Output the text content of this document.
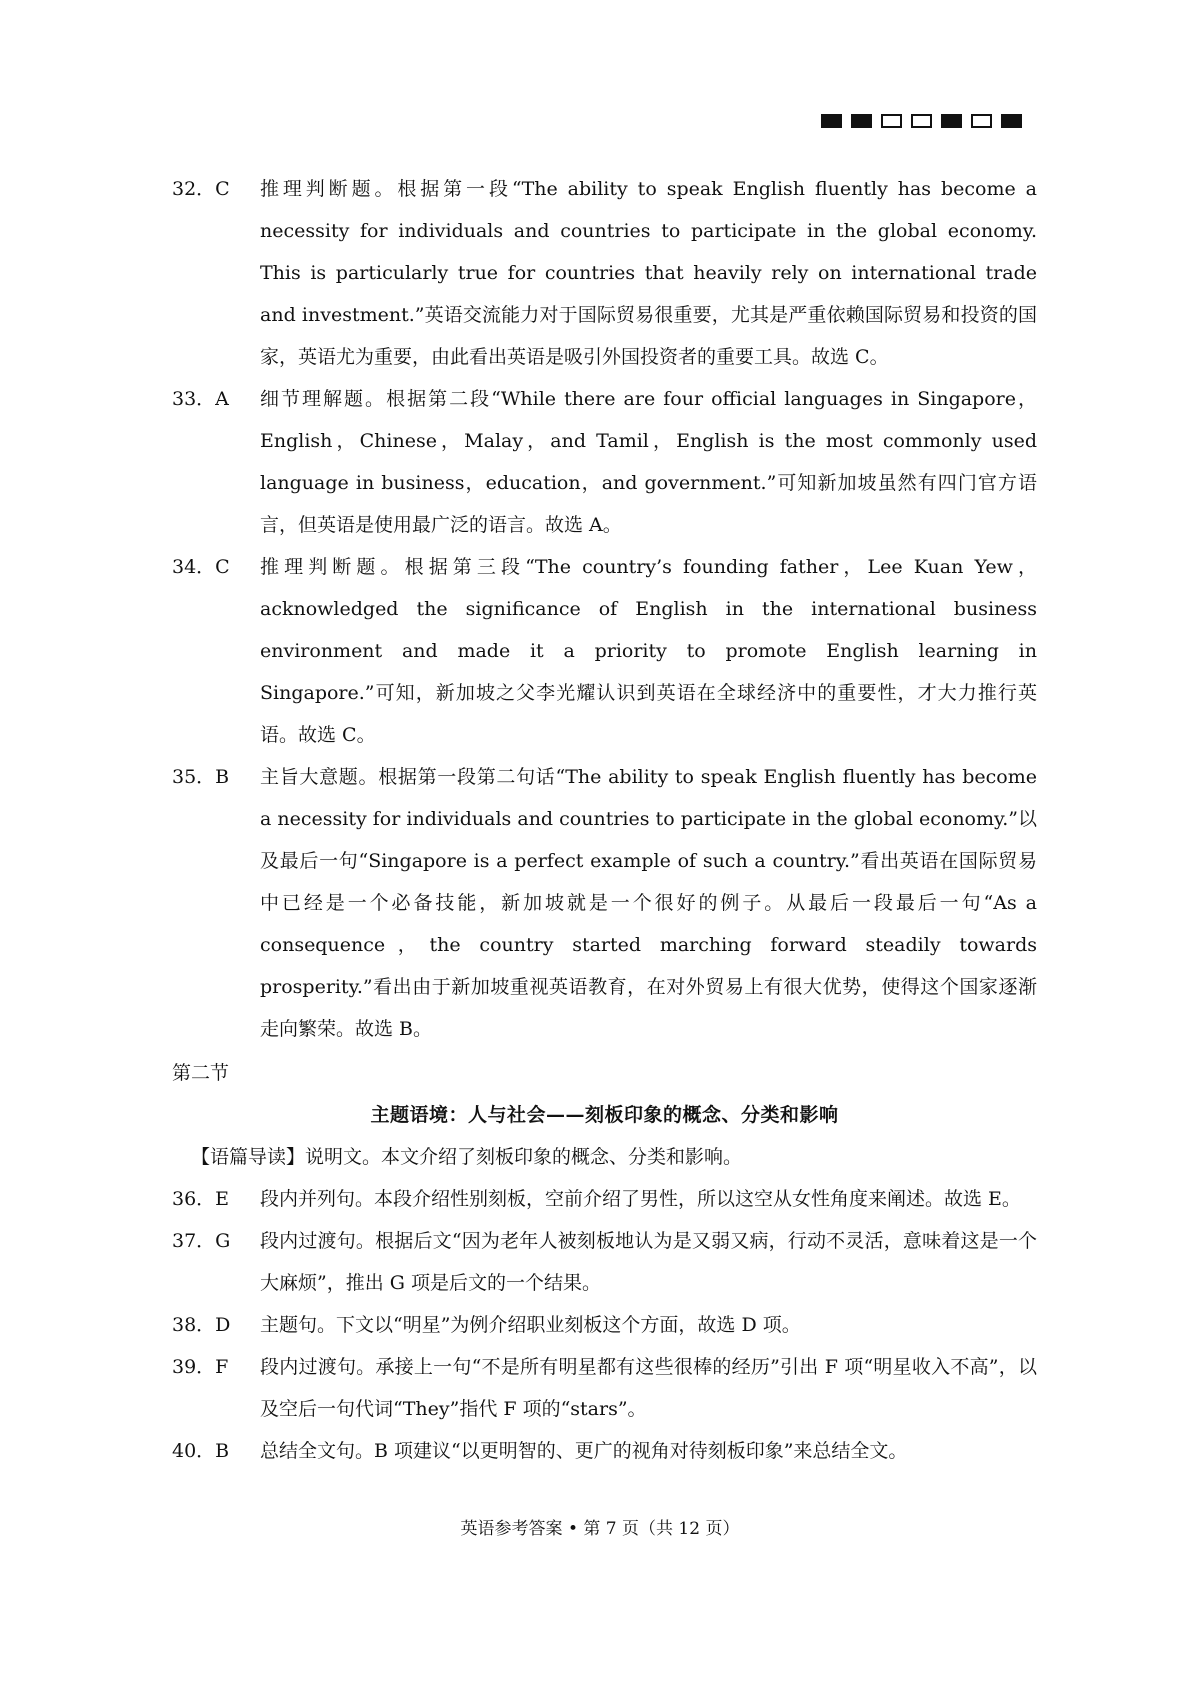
32．C 推理判断题。根据第一段“The ability to speak English fluently has become a necessity for individuals and countries to participate in the global economy. This is particularly true for countries that heavily rely on international trade and investment.”英语交流能力对于国际贸易很重要，尤其是严重依赖国际贸易和投资的国家，英语尤为重要，由此看出英语是吸引外国投资者的重要工具。故选 C。
33．A 细节理解题。根据第二段“While there are four official languages in Singapore，English，Chinese，Malay，and Tamil，English is the most commonly used language in business，education，and government.”可知新加坡虽然有四门官方语言，但英语是使用最广泛的语言。故选 A。
34．C 推理判断题。根据第三段“The country’s founding father，Lee Kuan Yew，acknowledged the significance of English in the international business environment and made it a priority to promote English learning in Singapore.”可知，新加坡之父李光耀认识到英语在全球经济中的重要性，才大力推行英语。故选 C。
35．B 主旨大意题。根据第一段第二句话“The ability to speak English fluently has become a necessity for individuals and countries to participate in the global economy.”以及最后一句“Singapore is a perfect example of such a country.”看出英语在国际贸易中已经是一个必备技能，新加坡就是一个很好的例子。从最后一段最后一句“As a consequence，the country started marching forward steadily towards prosperity.”看出由于新加坡重视英语教育，在对外贸易上有很大优势，使得这个国家逐渐走向繁荣。故选 B。
第二节
主题语境：人与社会——刻板印象的概念、分类和影响
【语篇导读】说明文。本文介绍了刻板印象的概念、分类和影响。
36．E 段内并列句。本段介绍性别刻板，空前介绍了男性，所以这空从女性角度来阐述。故选 E。
37．G 段内过渡句。根据后文“因为老年人被刻板地认为是又弱又病，行动不灵活，意味着这是一个大麻烦”，推出 G 项是后文的一个结果。
38．D 主题句。下文以“明星”为例介绍职业刻板这个方面，故选 D 项。
39．F 段内过渡句。承接上一句“不是所有明星都有这些很棒的经历”引出 F 项“明星收入不高”，以及空后一句代词“They”指代 F 项的“stars”。
40．B 总结全文句。B 项建议“以更明智的、更广的视角对待刻板印象”来总结全文。
英语参考答案 • 第 7 页（共 12 页）
